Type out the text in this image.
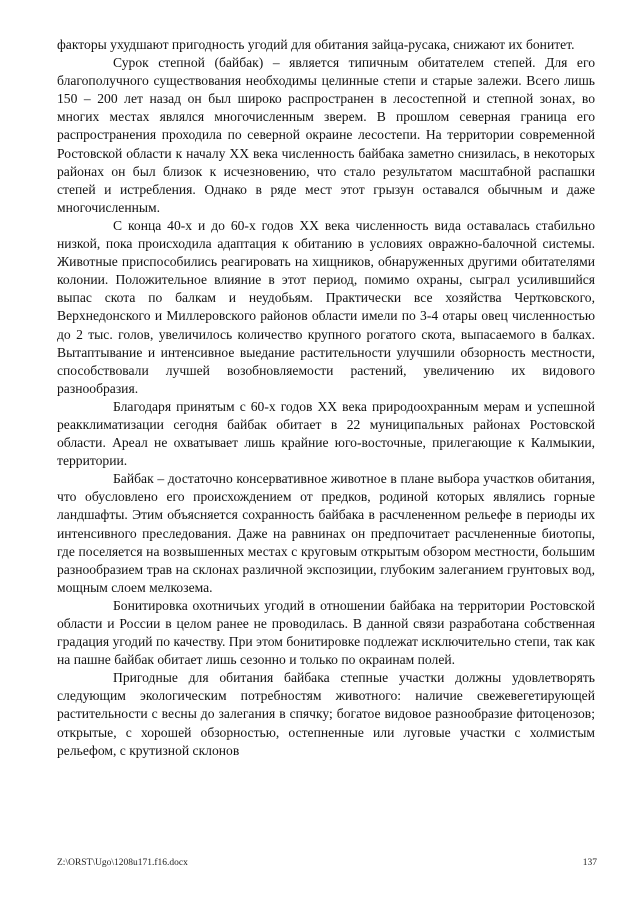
факторы ухудшают пригодность угодий для обитания зайца-русака, снижают их бонитет.

Сурок степной (байбак) – является типичным обитателем степей. Для его благополучного существования необходимы целинные степи и старые залежи. Всего лишь 150 – 200 лет назад он был широко распространен в лесостепной и степной зонах, во многих местах являлся многочисленным зверем. В прошлом северная граница его распространения проходила по северной окраине лесостепи. На территории современной Ростовской области к началу XX века численность байбака заметно снизилась, в некоторых районах он был близок к исчезновению, что стало результатом масштабной распашки степей и истребления. Однако в ряде мест этот грызун оставался обычным и даже многочисленным.

С конца 40-х и до 60-х годов XX века численность вида оставалась стабильно низкой, пока происходила адаптация к обитанию в условиях овражно-балочной системы. Животные приспособились реагировать на хищников, обнаруженных другими обитателями колонии. Положительное влияние в этот период, помимо охраны, сыграл усилившийся выпас скота по балкам и неудобьям. Практически все хозяйства Чертковского, Верхнедонского и Миллеровского районов области имели по 3-4 отары овец численностью до 2 тыс. голов, увеличилось количество крупного рогатого скота, выпасаемого в балках. Вытаптывание и интенсивное выедание растительности улучшили обзорность местности, способствовали лучшей возобновляемости растений, увеличению их видового разнообразия.

Благодаря принятым с 60-х годов XX века природоохранным мерам и успешной реакклиматизации сегодня байбак обитает в 22 муниципальных районах Ростовской области. Ареал не охватывает лишь крайние юго-восточные, прилегающие к Калмыкии, территории.

Байбак – достаточно консервативное животное в плане выбора участков обитания, что обусловлено его происхождением от предков, родиной которых являлись горные ландшафты. Этим объясняется сохранность байбака в расчлененном рельефе в периоды их интенсивного преследования. Даже на равнинах он предпочитает расчлененные биотопы, где поселяется на возвышенных местах с круговым открытым обзором местности, большим разнообразием трав на склонах различной экспозиции, глубоким залеганием грунтовых вод, мощным слоем мелкозема.

Бонитировка охотничьих угодий в отношении байбака на территории Ростовской области и России в целом ранее не проводилась. В данной связи разработана собственная градация угодий по качеству. При этом бонитировке подлежат исключительно степи, так как на пашне байбак обитает лишь сезонно и только по окраинам полей.

Пригодные для обитания байбака степные участки должны удовлетворять следующим экологическим потребностям животного: наличие свежевегетирующей растительности с весны до залегания в спячку; богатое видовое разнообразие фитоценозов; открытые, с хорошей обзорностью, остепненные или луговые участки с холмистым рельефом, с крутизной склонов

Z:\ORST\Ugo\1208u171.f16.docx	137
